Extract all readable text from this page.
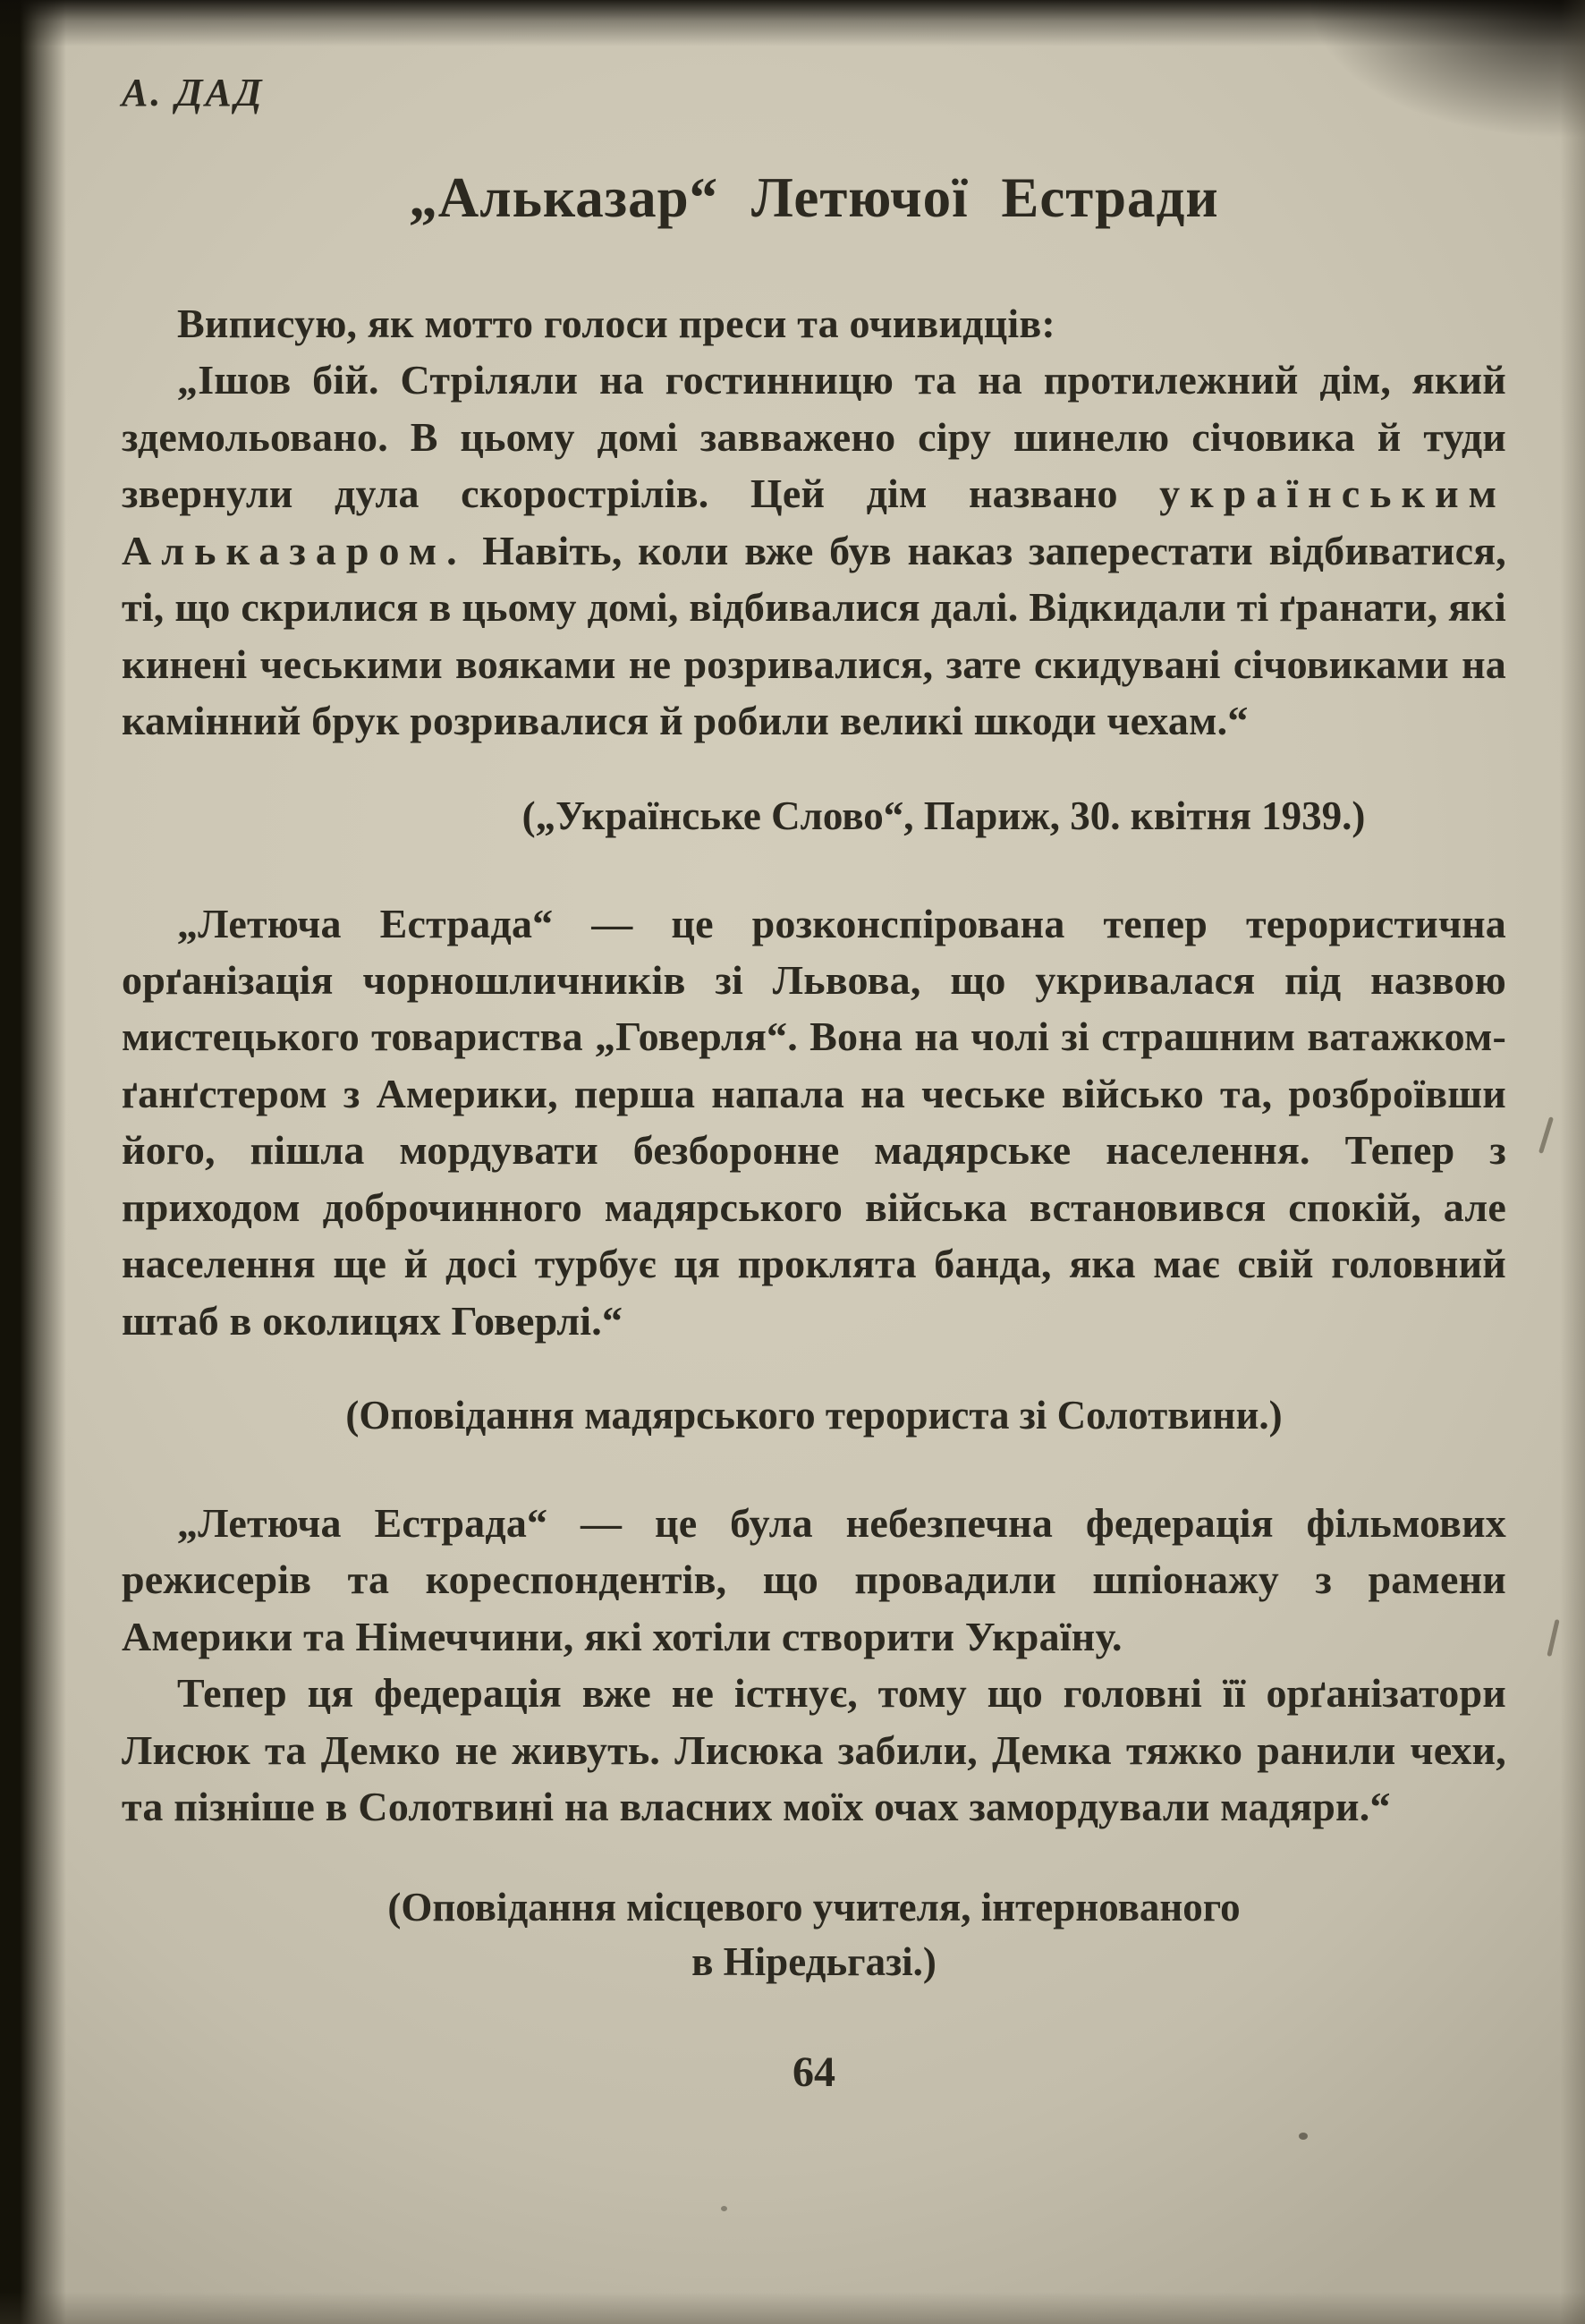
А. ДАД
„Альказар“ Летючої Естради

Виписую, як мотто голоси преси та очивидців:

„Ішов бій. Стріляли на гостинницю та на протилежний дім, який здемольовано. В цьому домі завважено сіру шинелю січовика й туди звернули дула скорострілів. Цей дім названо українським Альказаром. Навіть, коли вже був наказ заперестати відбиватися, ті, що скрилися в цьому домі, відбивалися далі. Відкидали ті ґранати, які кинені чеськими вояками не розривалися, зате скидувані січовиками на камінний брук розривалися й робили великі шкоди чехам.“

(„Українське Слово“, Париж, 30. квітня 1939.)

„Летюча Естрада“ — це розконспірована тепер терористична орґанізація чорношличників зі Львова, що укривалася під назвою мистецького товариства „Говерля“. Вона на чолі зі страшним ватажком-ґанґстером з Америки, перша напала на чеське військо та, розброївши його, пішла мордувати безборонне мадярське населення. Тепер з приходом доброчинного мадярського війська встановився спокій, але населення ще й досі турбує ця проклята банда, яка має свій головний штаб в околицях Говерлі.“

(Оповідання мадярського терориста зі Солотвини.)

„Летюча Естрада“ — це була небезпечна федерація фільмових режисерів та кореспондентів, що провадили шпіонажу з рамени Америки та Німеччини, які хотіли створити Україну.

Тепер ця федерація вже не істнує, тому що головні її орґанізатори Лисюк та Демко не живуть. Лисюка забили, Демка тяжко ранили чехи, та пізніше в Солотвині на власних моїх очах замордували мадяри.“

(Оповідання місцевого учителя, інтернованого
в Ніредьгазі.)

64
